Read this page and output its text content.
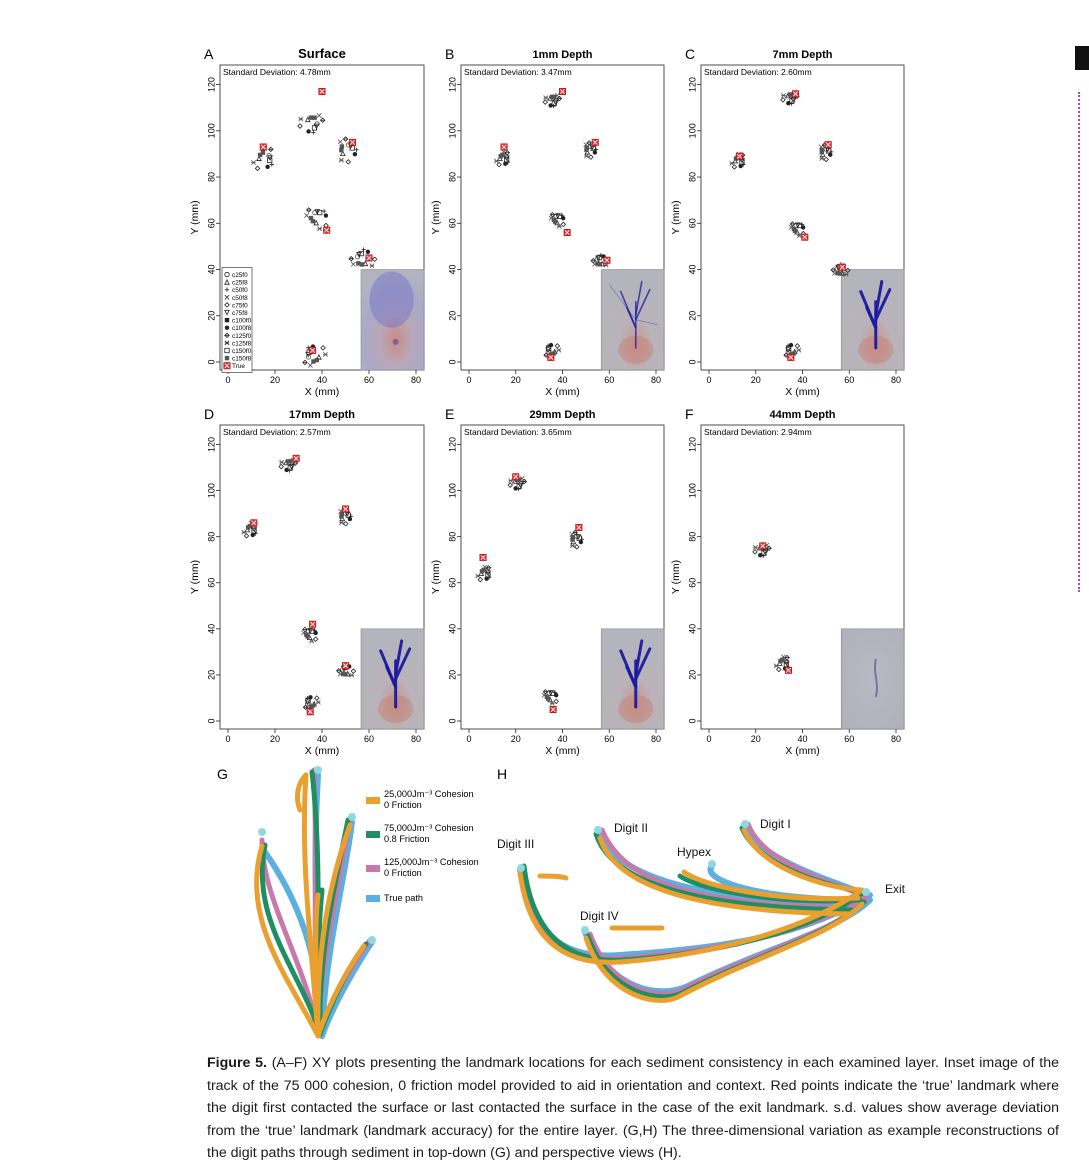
A	Surface
Standard Deviation: 4.78mm
0	20	40	60	80
0
20
40
60
80
100
120
X (mm)
Y (mm)
c25f0
c25f8
c50f0
c50f8
c75f0
c75f8
c100f0
c100f8
c125f0
c125f8
c150f0
c150f8
True
B	1mm Depth
Standard Deviation: 3.47mm
0	20	40	60	80
0
20
40
60
80
100
120
X (mm)
Y (mm)
C	7mm Depth
Standard Deviation: 2.60mm
0	20	40	60	80
0
20
40
60
80
100
120
X (mm)
Y (mm)
D	17mm Depth
Standard Deviation: 2.57mm
0	20	40	60	80
0
20
40
60
80
100
120
X (mm)
Y (mm)
E	29mm Depth
Standard Deviation: 3.65mm
0	20	40	60	80
0
20
40
60
80
100
120
X (mm)
Y (mm)
F	44mm Depth
Standard Deviation: 2.94mm
0	20	40	60	80
0
20
40
60
80
100
120
X (mm)
Y (mm)
G
25,000Jm⁻³ Cohesion
0 Friction
75,000Jm⁻³ Cohesion
0.8 Friction
125,000Jm⁻³ Cohesion
0 Friction
True path
H
Digit II	Digit I
Digit III
Hypex
Digit IV
Exit
Figure 5. (A–F) XY plots presenting the landmark locations for each sediment consistency in each examined layer. Inset image of the track of the 75 000 cohesion, 0 friction model provided to aid in orientation and context. Red points indicate the ‘true’ landmark where the digit first contacted the surface or last contacted the surface in the case of the exit landmark. s.d. values show average deviation from the ‘true’ landmark (landmark accuracy) for the entire layer. (G,H) The three-dimensional variation as example reconstructions of the digit paths through sediment in top-down (G) and perspective views (H).
